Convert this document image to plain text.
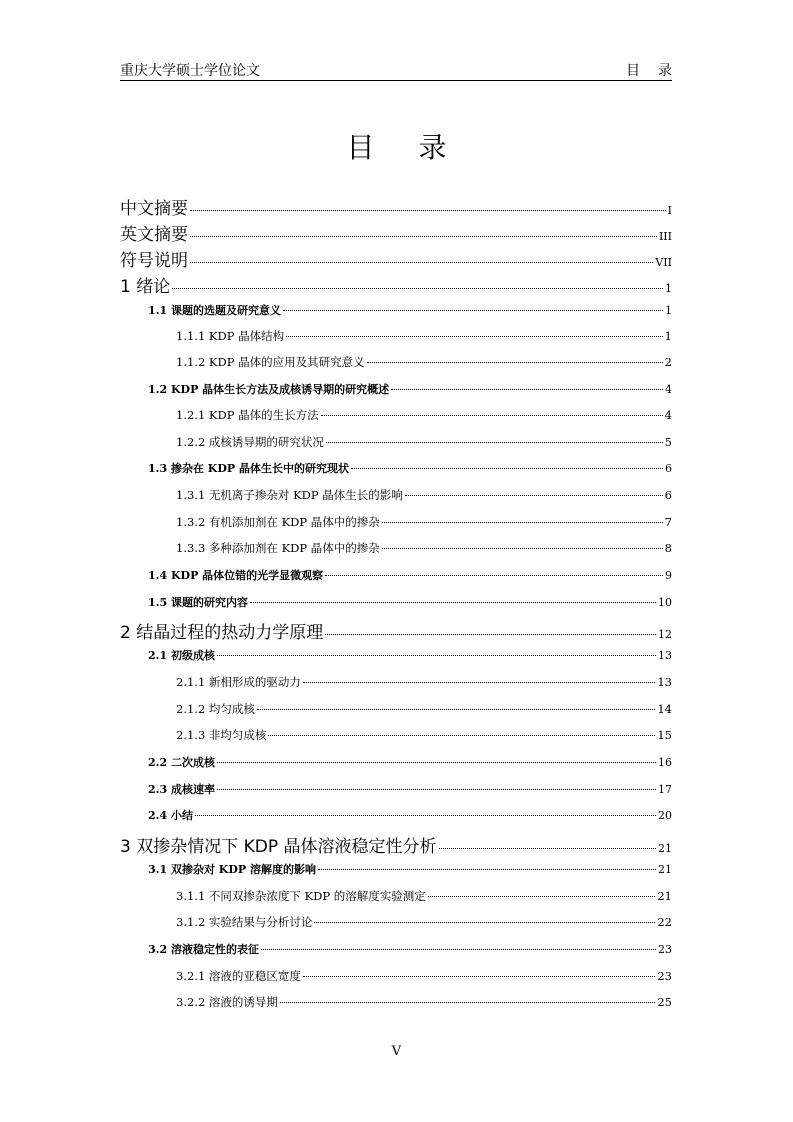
重庆大学硕士学位论文	目录
目录
中文摘要	I
英文摘要	III
符号说明	VII
1 绪论	1
1.1 课题的选题及研究意义	1
1.1.1 KDP 晶体结构	1
1.1.2 KDP 晶体的应用及其研究意义	2
1.2 KDP 晶体生长方法及成核诱导期的研究概述	4
1.2.1 KDP 晶体的生长方法	4
1.2.2 成核诱导期的研究状况	5
1.3 掺杂在 KDP 晶体生长中的研究现状	6
1.3.1 无机离子掺杂对 KDP 晶体生长的影响	6
1.3.2 有机添加剂在 KDP 晶体中的掺杂	7
1.3.3 多种添加剂在 KDP 晶体中的掺杂	8
1.4 KDP 晶体位错的光学显微观察	9
1.5 课题的研究内容	10
2 结晶过程的热动力学原理	12
2.1 初级成核	13
2.1.1 新相形成的驱动力	13
2.1.2 均匀成核	14
2.1.3 非均匀成核	15
2.2 二次成核	16
2.3 成核速率	17
2.4 小结	20
3 双掺杂情况下 KDP 晶体溶液稳定性分析	21
3.1 双掺杂对 KDP 溶解度的影响	21
3.1.1 不同双掺杂浓度下 KDP 的溶解度实验测定	21
3.1.2 实验结果与分析讨论	22
3.2 溶液稳定性的表征	23
3.2.1 溶液的亚稳区宽度	23
3.2.2 溶液的诱导期	25
V
